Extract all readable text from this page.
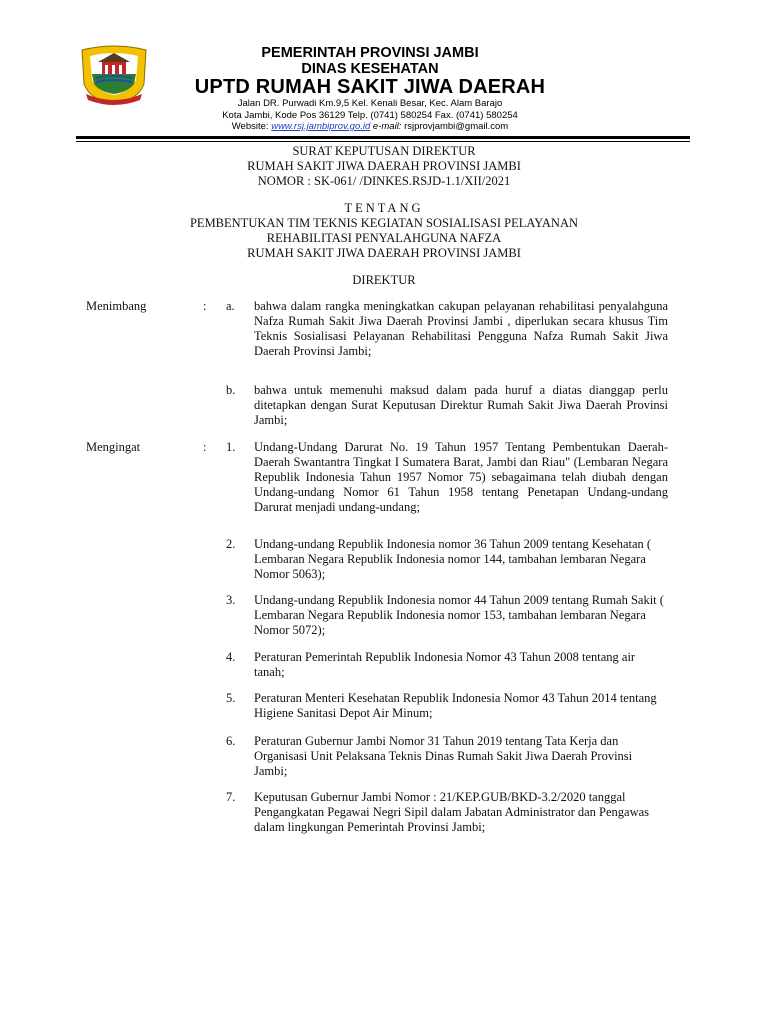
PEMERINTAH PROVINSI JAMBI
DINAS KESEHATAN
UPTD RUMAH SAKIT JIWA DAERAH
Jalan DR. Purwadi Km.9,5 Kel. Kenali Besar, Kec. Alam Barajo
Kota Jambi, Kode Pos 36129 Telp. (0741) 580254 Fax. (0741) 580254
Website: www.rsj.jambiprov.go.id e-mail: rsjprovjambi@gmail.com
SURAT KEPUTUSAN DIREKTUR
RUMAH SAKIT JIWA DAERAH PROVINSI JAMBI
NOMOR : SK-061/ /DINKES.RSJD-1.1/XII/2021
TENTANG
PEMBENTUKAN TIM TEKNIS KEGIATAN SOSIALISASI PELAYANAN
REHABILITASI PENYALAHGUNA NAFZA
RUMAH SAKIT JIWA DAERAH PROVINSI JAMBI
DIREKTUR
Menimbang	: a. bahwa dalam rangka meningkatkan cakupan pelayanan rehabilitasi penyalahguna Nafza Rumah Sakit Jiwa Daerah Provinsi Jambi , diperlukan secara khusus Tim Teknis Sosialisasi Pelayanan Rehabilitasi Pengguna Nafza Rumah Sakit Jiwa Daerah Provinsi Jambi;
b. bahwa untuk memenuhi maksud dalam pada huruf a diatas dianggap perlu ditetapkan dengan Surat Keputusan Direktur Rumah Sakit Jiwa Daerah Provinsi Jambi;
Mengingat	: 1. Undang-Undang Darurat No. 19 Tahun 1957 Tentang Pembentukan Daerah-Daerah Swantantra Tingkat I Sumatera Barat, Jambi dan Riau" (Lembaran Negara Republik Indonesia Tahun 1957 Nomor 75) sebagaimana telah diubah dengan Undang-undang Nomor 61 Tahun 1958 tentang Penetapan Undang-undang Darurat menjadi undang-undang;
2. Undang-undang Republik Indonesia nomor 36 Tahun 2009 tentang Kesehatan ( Lembaran Negara Republik Indonesia nomor 144, tambahan lembaran Negara Nomor 5063);
3. Undang-undang Republik Indonesia nomor 44 Tahun 2009 tentang Rumah Sakit ( Lembaran Negara Republik Indonesia nomor 153, tambahan lembaran Negara Nomor 5072);
4. Peraturan Pemerintah Republik Indonesia Nomor 43 Tahun 2008 tentang air tanah;
5. Peraturan Menteri Kesehatan Republik Indonesia Nomor 43 Tahun 2014 tentang Higiene Sanitasi Depot Air Minum;
6. Peraturan Gubernur Jambi Nomor 31 Tahun 2019 tentang Tata Kerja dan Organisasi Unit Pelaksana Teknis Dinas Rumah Sakit Jiwa Daerah Provinsi Jambi;
7. Keputusan Gubernur Jambi Nomor : 21/KEP.GUB/BKD-3.2/2020 tanggal Pengangkatan Pegawai Negri Sipil dalam Jabatan Administrator dan Pengawas dalam lingkungan Pemerintah Provinsi Jambi;
